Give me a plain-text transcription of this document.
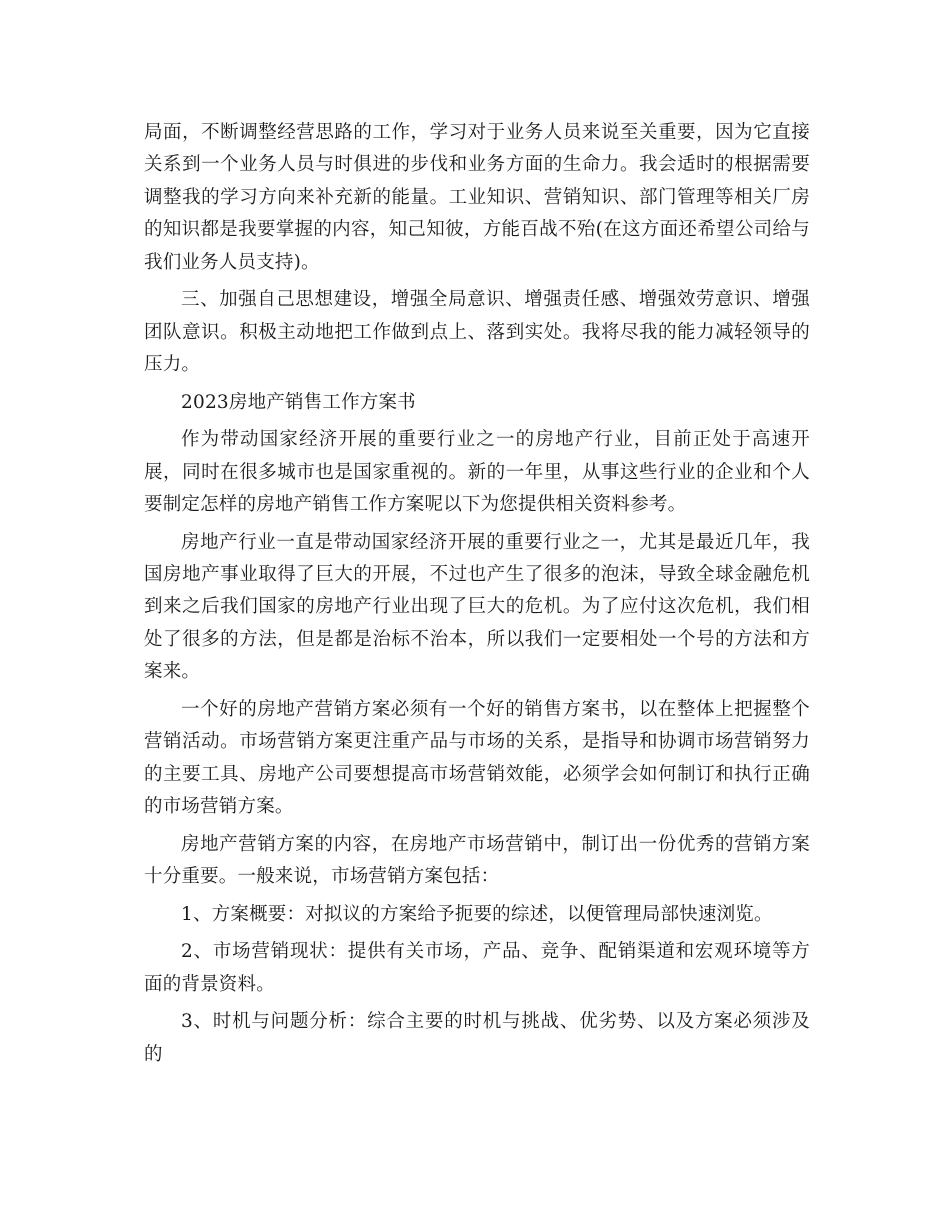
局面，不断调整经营思路的工作，学习对于业务人员来说至关重要，因为它直接关系到一个业务人员与时俱进的步伐和业务方面的生命力。我会适时的根据需要调整我的学习方向来补充新的能量。工业知识、营销知识、部门管理等相关厂房的知识都是我要掌握的内容，知己知彼，方能百战不殆(在这方面还希望公司给与我们业务人员支持)。

三、加强自己思想建设，增强全局意识、增强责任感、增强效劳意识、增强团队意识。积极主动地把工作做到点上、落到实处。我将尽我的能力减轻领导的压力。

2023房地产销售工作方案书

作为带动国家经济开展的重要行业之一的房地产行业，目前正处于高速开展，同时在很多城市也是国家重视的。新的一年里，从事这些行业的企业和个人要制定怎样的房地产销售工作方案呢以下为您提供相关资料参考。

房地产行业一直是带动国家经济开展的重要行业之一，尤其是最近几年，我国房地产事业取得了巨大的开展，不过也产生了很多的泡沫，导致全球金融危机到来之后我们国家的房地产行业出现了巨大的危机。为了应付这次危机，我们相处了很多的方法，但是都是治标不治本，所以我们一定要相处一个号的方法和方案来。

一个好的房地产营销方案必须有一个好的销售方案书，以在整体上把握整个营销活动。市场营销方案更注重产品与市场的关系，是指导和协调市场营销努力的主要工具、房地产公司要想提高市场营销效能，必须学会如何制订和执行正确的市场营销方案。

房地产营销方案的内容，在房地产市场营销中，制订出一份优秀的营销方案十分重要。一般来说，市场营销方案包括：

1、方案概要：对拟议的方案给予扼要的综述，以便管理局部快速浏览。

2、市场营销现状：提供有关市场，产品、竞争、配销渠道和宏观环境等方面的背景资料。

3、时机与问题分析：综合主要的时机与挑战、优劣势、以及方案必须涉及的
